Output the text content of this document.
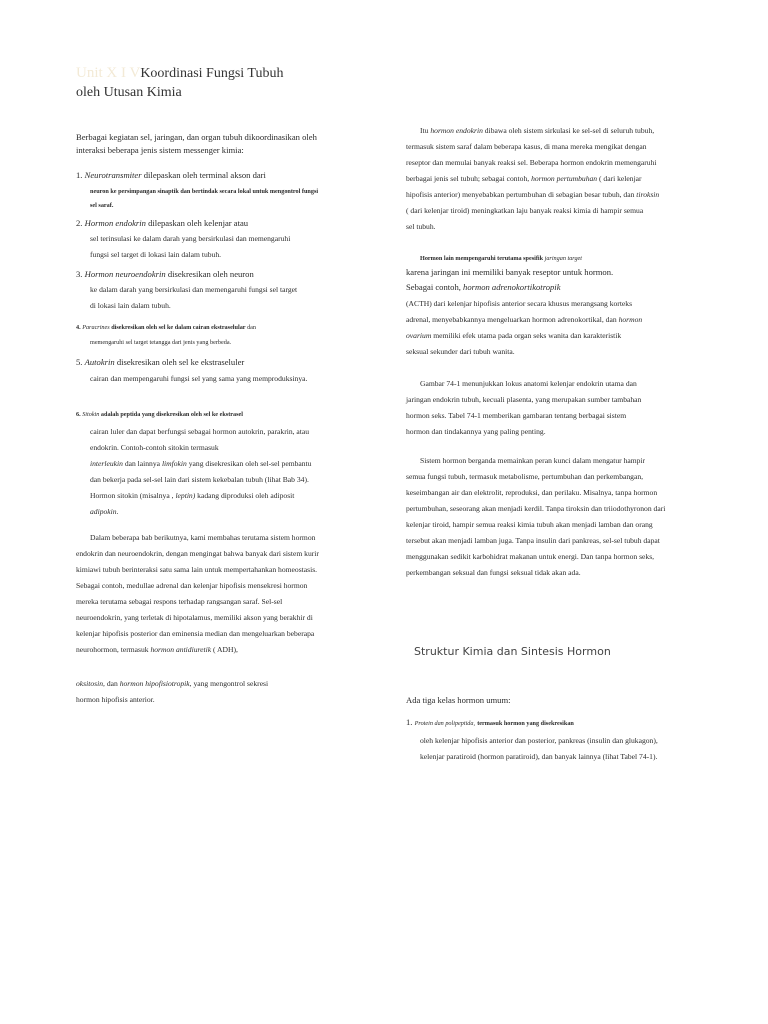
Unit X I VKoordinasi Fungsi Tubuh
oleh Utusan Kimia

Berbagai kegiatan sel, jaringan, dan organ tubuh dikoordinasikan oleh

interaksi beberapa jenis sistem messenger kimia:

1. Neurotransmiter dilepaskan oleh terminal akson dari

neuron ke persimpangan sinaptik dan bertindak secara lokal untuk mengontrol fungsi

sel saraf.

2. Hormon endokrin dilepaskan oleh kelenjar atau

sel terinsulasi ke dalam darah yang bersirkulasi dan memengaruhi

fungsi sel target di lokasi lain dalam tubuh.

3. Hormon neuroendokrin disekresikan oleh neuron

ke dalam darah yang bersirkulasi dan memengaruhi fungsi sel target

di lokasi lain dalam tubuh.

4. Paracrines disekresikan oleh sel ke dalam cairan ekstraselular dan

memengaruhi sel target tetangga dari jenis yang berbeda.

5. Autokrin disekresikan oleh sel ke ekstraseluler

cairan dan mempengaruhi fungsi sel yang sama yang memproduksinya.

6. Sitokin adalah peptida yang disekresikan oleh sel ke ekstrasel

cairan luler dan dapat berfungsi sebagai hormon autokrin, parakrin, atau

endokrin. Contoh-contoh sitokin termasuk

interleukin dan lainnya limfokin yang disekresikan oleh sel-sel pembantu

dan bekerja pada sel-sel lain dari sistem kekebalan tubuh (lihat Bab 34).

Hormon sitokin (misalnya , leptin) kadang diproduksi oleh adiposit

adipokin.

Dalam beberapa bab berikutnya, kami membahas terutama sistem hormon

endokrin dan neuroendokrin, dengan mengingat bahwa banyak dari sistem kurir

kimiawi tubuh berinteraksi satu sama lain untuk mempertahankan homeostasis.

Sebagai contoh, medullae adrenal dan kelenjar hipofisis mensekresi hormon

mereka terutama sebagai respons terhadap rangsangan saraf. Sel-sel

neuroendokrin, yang terletak di hipotalamus, memiliki akson yang berakhir di

kelenjar hipofisis posterior dan eminensia median dan mengeluarkan beberapa

neurohormon, termasuk hormon antidiuretik ( ADH),

oksitosin, dan hormon hipofisiotropik, yang mengontrol sekresi

hormon hipofisis anterior.

Itu hormon endokrin dibawa oleh sistem sirkulasi ke sel-sel di seluruh tubuh,

termasuk sistem saraf dalam beberapa kasus, di mana mereka mengikat dengan

reseptor dan memulai banyak reaksi sel. Beberapa hormon endokrin memengaruhi

berbagai jenis sel tubuh; sebagai contoh, hormon pertumbuhan ( dari kelenjar

hipofisis anterior) menyebabkan pertumbuhan di sebagian besar tubuh, dan tiroksin

( dari kelenjar tiroid) meningkatkan laju banyak reaksi kimia di hampir semua

sel tubuh.

Hormon lain mempengaruhi terutama spesifik jaringan target

karena jaringan ini memiliki banyak reseptor untuk hormon.

Sebagai contoh, hormon adrenokortikotropik

(ACTH) dari kelenjar hipofisis anterior secara khusus merangsang korteks

adrenal, menyebabkannya mengeluarkan hormon adrenokortikal, dan hormon

ovarium memiliki efek utama pada organ seks wanita dan karakteristik

seksual sekunder dari tubuh wanita.

Gambar 74-1 menunjukkan lokus anatomi kelenjar endokrin utama dan

jaringan endokrin tubuh, kecuali plasenta, yang merupakan sumber tambahan

hormon seks. Tabel 74-1 memberikan gambaran tentang berbagai sistem

hormon dan tindakannya yang paling penting.

Sistem hormon berganda memainkan peran kunci dalam mengatur hampir

semua fungsi tubuh, termasuk metabolisme, pertumbuhan dan perkembangan,

keseimbangan air dan elektrolit, reproduksi, dan perilaku. Misalnya, tanpa hormon

pertumbuhan, seseorang akan menjadi kerdil. Tanpa tiroksin dan triiodothyronon dari

kelenjar tiroid, hampir semua reaksi kimia tubuh akan menjadi lamban dan orang

tersebut akan menjadi lamban juga. Tanpa insulin dari pankreas, sel-sel tubuh dapat

menggunakan sedikit karbohidrat makanan untuk energi. Dan tanpa hormon seks,

perkembangan seksual dan fungsi seksual tidak akan ada.

Struktur Kimia dan Sintesis Hormon

Ada tiga kelas hormon umum:

1. Protein dan polipeptida, termasuk hormon yang disekresikan

oleh kelenjar hipofisis anterior dan posterior, pankreas (insulin dan glukagon),

kelenjar paratiroid (hormon paratiroid), dan banyak lainnya (lihat Tabel 74-1).
